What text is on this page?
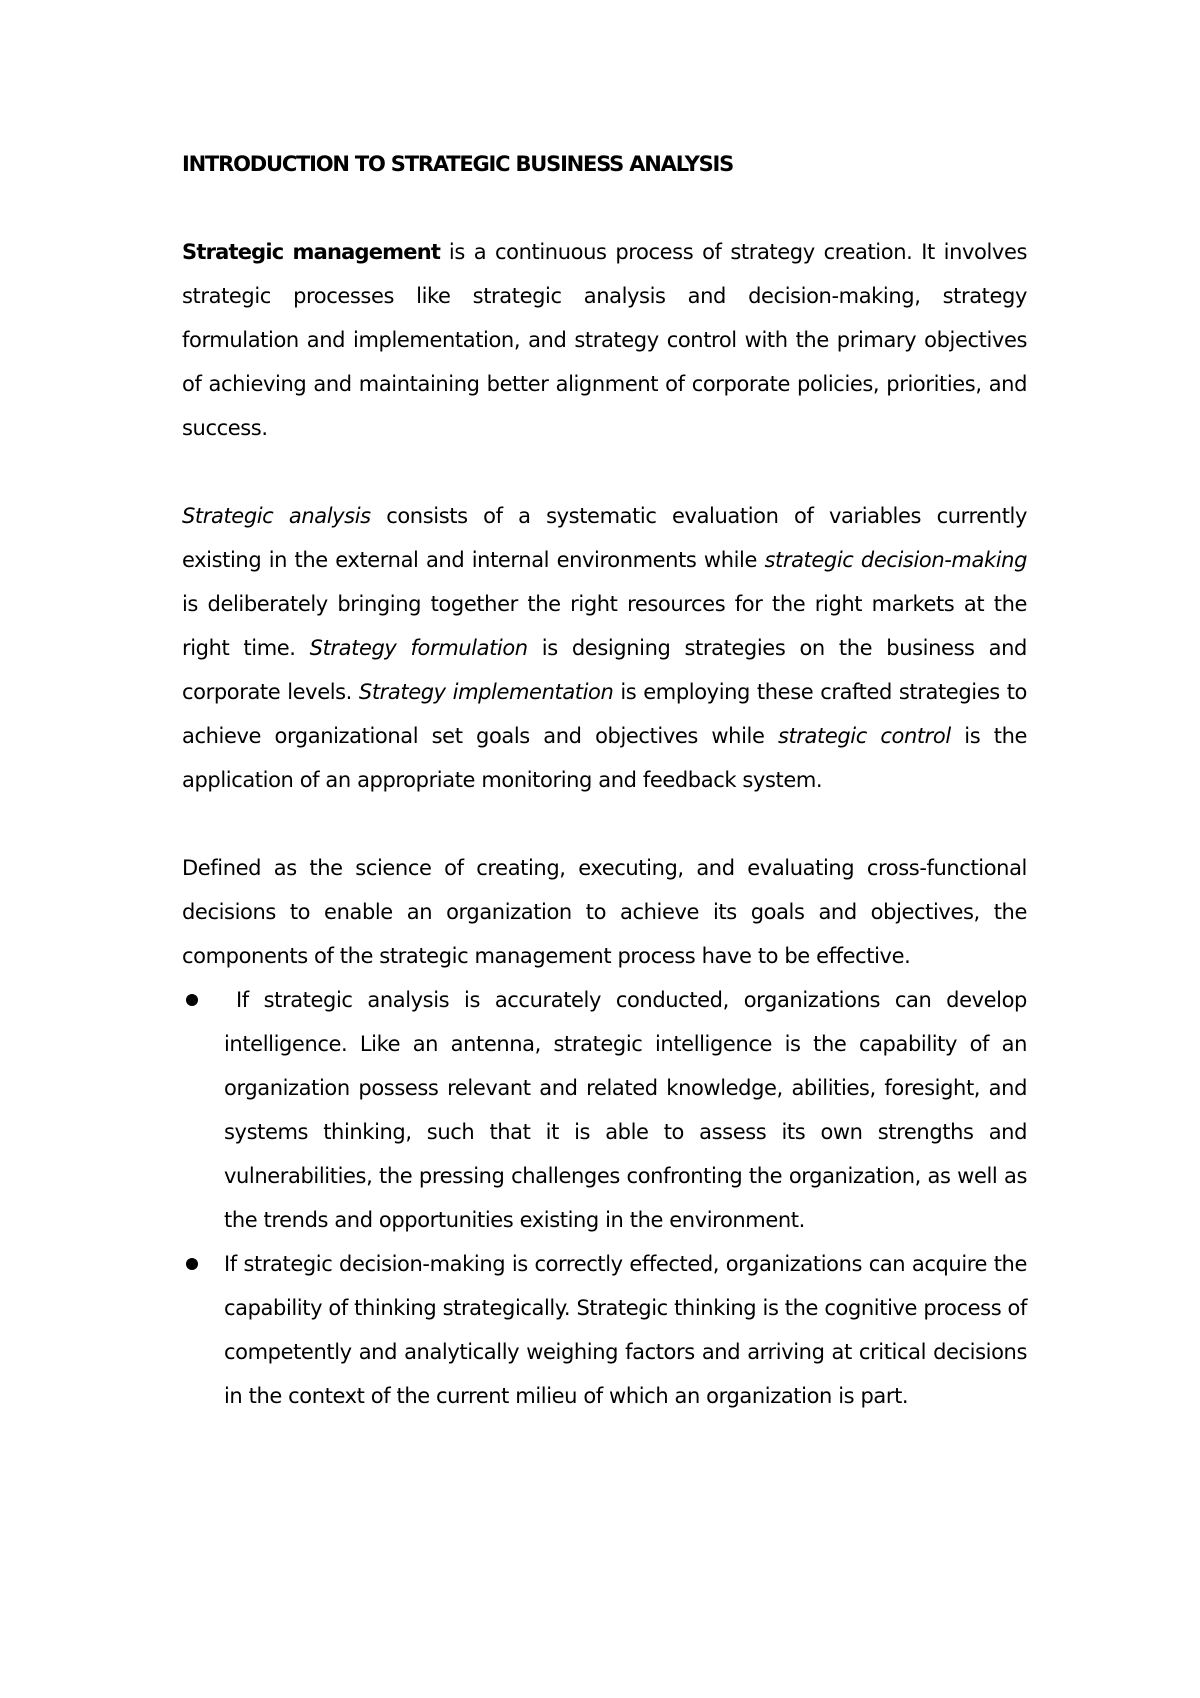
INTRODUCTION TO STRATEGIC BUSINESS ANALYSIS

Strategic management is a continuous process of strategy creation. It involves strategic processes like strategic analysis and decision-making, strategy formulation and implementation, and strategy control with the primary objectives of achieving and maintaining better alignment of corporate policies, priorities, and success.

Strategic analysis consists of a systematic evaluation of variables currently existing in the external and internal environments while strategic decision-making is deliberately bringing together the right resources for the right markets at the right time. Strategy formulation is designing strategies on the business and corporate levels. Strategy implementation is employing these crafted strategies to achieve organizational set goals and objectives while strategic control is the application of an appropriate monitoring and feedback system.

Defined as the science of creating, executing, and evaluating cross-functional decisions to enable an organization to achieve its goals and objectives, the components of the strategic management process have to be effective.

If strategic analysis is accurately conducted, organizations can develop intelligence. Like an antenna, strategic intelligence is the capability of an organization possess relevant and related knowledge, abilities, foresight, and systems thinking, such that it is able to assess its own strengths and vulnerabilities, the pressing challenges confronting the organization, as well as the trends and opportunities existing in the environment.
If strategic decision-making is correctly effected, organizations can acquire the capability of thinking strategically. Strategic thinking is the cognitive process of competently and analytically weighing factors and arriving at critical decisions in the context of the current milieu of which an organization is part.
